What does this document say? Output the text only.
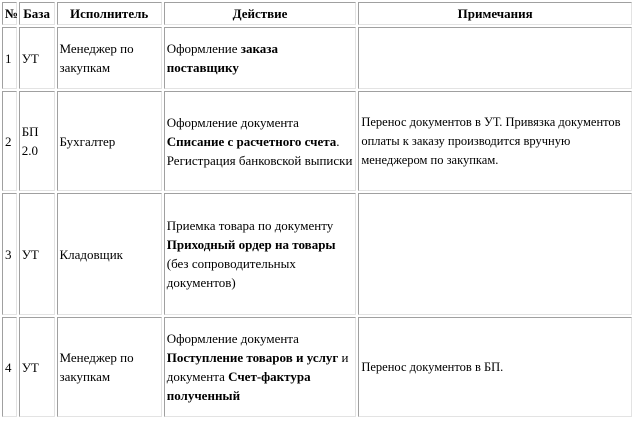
№	База	Исполнитель	Действие	Примечания
1	УТ	Менеджер по закупкам	Оформление заказа поставщику	
2	БП 2.0	Бухгалтер	Оформление документа Списание с расчетного счета. Регистрация банковской выписки	Перенос документов в УТ. Привязка документов оплаты к заказу производится вручную менеджером по закупкам.
3	УТ	Кладовщик	Приемка товара по документу Приходный ордер на товары (без сопроводительных документов)	
4	УТ	Менеджер по закупкам	Оформление документа Поступление товаров и услуг и документа Счет-фактура полученный	Перенос документов в БП.
